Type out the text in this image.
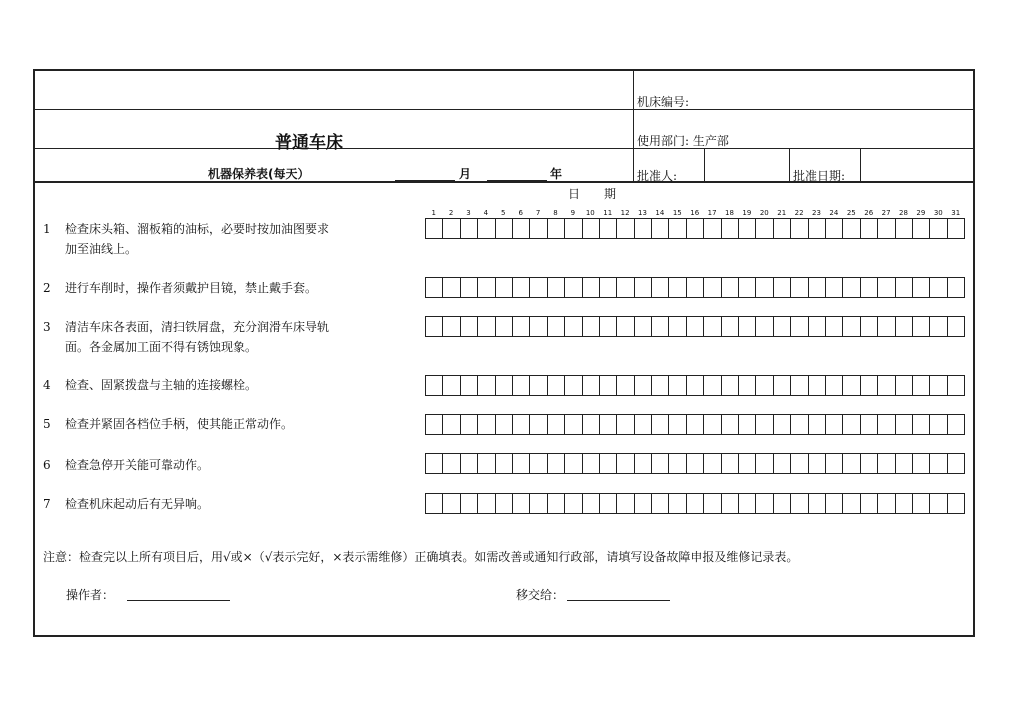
普通车床
机器保养表(每天）	月	年
机床编号:
使用部门: 生产部
批准人:	批准日期:
日　　期
1	2	3	4	5	6	7	8	9	10	11	12	13	14	15	16	17	18	19	20	21	22	23	24	25	26	27	28	29	30	31
1 检查床头箱、溜板箱的油标，必要时按加油图要求
加至油线上。
2 进行车削时，操作者须戴护目镜，禁止戴手套。
3 清洁车床各表面，清扫铁屑盘，充分润滑车床导轨
面。各金属加工面不得有锈蚀现象。
4 检查、固紧拨盘与主轴的连接螺栓。
5 检查并紧固各档位手柄，使其能正常动作。
6 检查急停开关能可靠动作。
7 检查机床起动后有无异响。
注意：检查完以上所有项目后，用√或×（√表示完好，×表示需维修）正确填表。如需改善或通知行政部，请填写设备故障申报及维修记录表。
操作者：	移交给：
